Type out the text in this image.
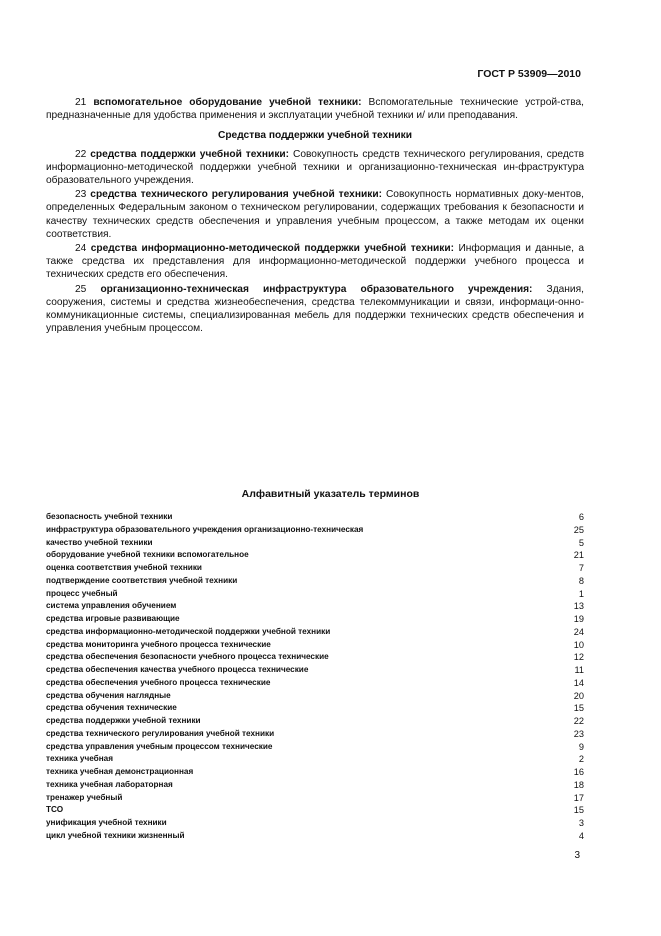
ГОСТ Р 53909—2010

21 вспомогательное оборудование учебной техники: Вспомогательные технические устрой-ства, предназначенные для удобства применения и эксплуатации учебной техники и/ или преподавания.

Средства поддержки учебной техники

22 средства поддержки учебной техники: Совокупность средств технического регулирования, средств информационно-методической поддержки учебной техники и организационно-техническая ин-фраструктура образовательного учреждения.

23 средства технического регулирования учебной техники: Совокупность нормативных доку-ментов, определенных Федеральным законом о техническом регулировании, содержащих требования к безопасности и качеству технических средств обеспечения и управления учебным процессом, а также методам их оценки соответствия.

24 средства информационно-методической поддержки учебной техники: Информация и данные, а также средства их представления для информационно-методической поддержки учебного процесса и технических средств его обеспечения.

25 организационно-техническая инфраструктура образовательного учреждения: Здания, сооружения, системы и средства жизнеобеспечения, средства телекоммуникации и связи, информаци-онно-коммуникационные системы, специализированная мебель для поддержки технических средств обеспечения и управления учебным процессом.

Алфавитный указатель терминов
безопасность учебной техники	6
инфраструктура образовательного учреждения организационно-техническая	25
качество учебной техники	5
оборудование учебной техники вспомогательное	21
оценка соответствия учебной техники	7
подтверждение соответствия учебной техники	8
процесс учебный	1
система управления обучением	13
средства игровые развивающие	19
средства информационно-методической поддержки учебной техники	24
средства мониторинга учебного процесса технические	10
средства обеспечения безопасности учебного процесса технические	12
средства обеспечения качества учебного процесса технические	11
средства обеспечения учебного процесса технические	14
средства обучения наглядные	20
средства обучения технические	15
средства поддержки учебной техники	22
средства технического регулирования учебной техники	23
средства управления учебным процессом технические	9
техника учебная	2
техника учебная демонстрационная	16
техника учебная лабораторная	18
тренажер учебный	17
ТСО	15
унификация учебной техники	3
цикл учебной техники жизненный	4
3
